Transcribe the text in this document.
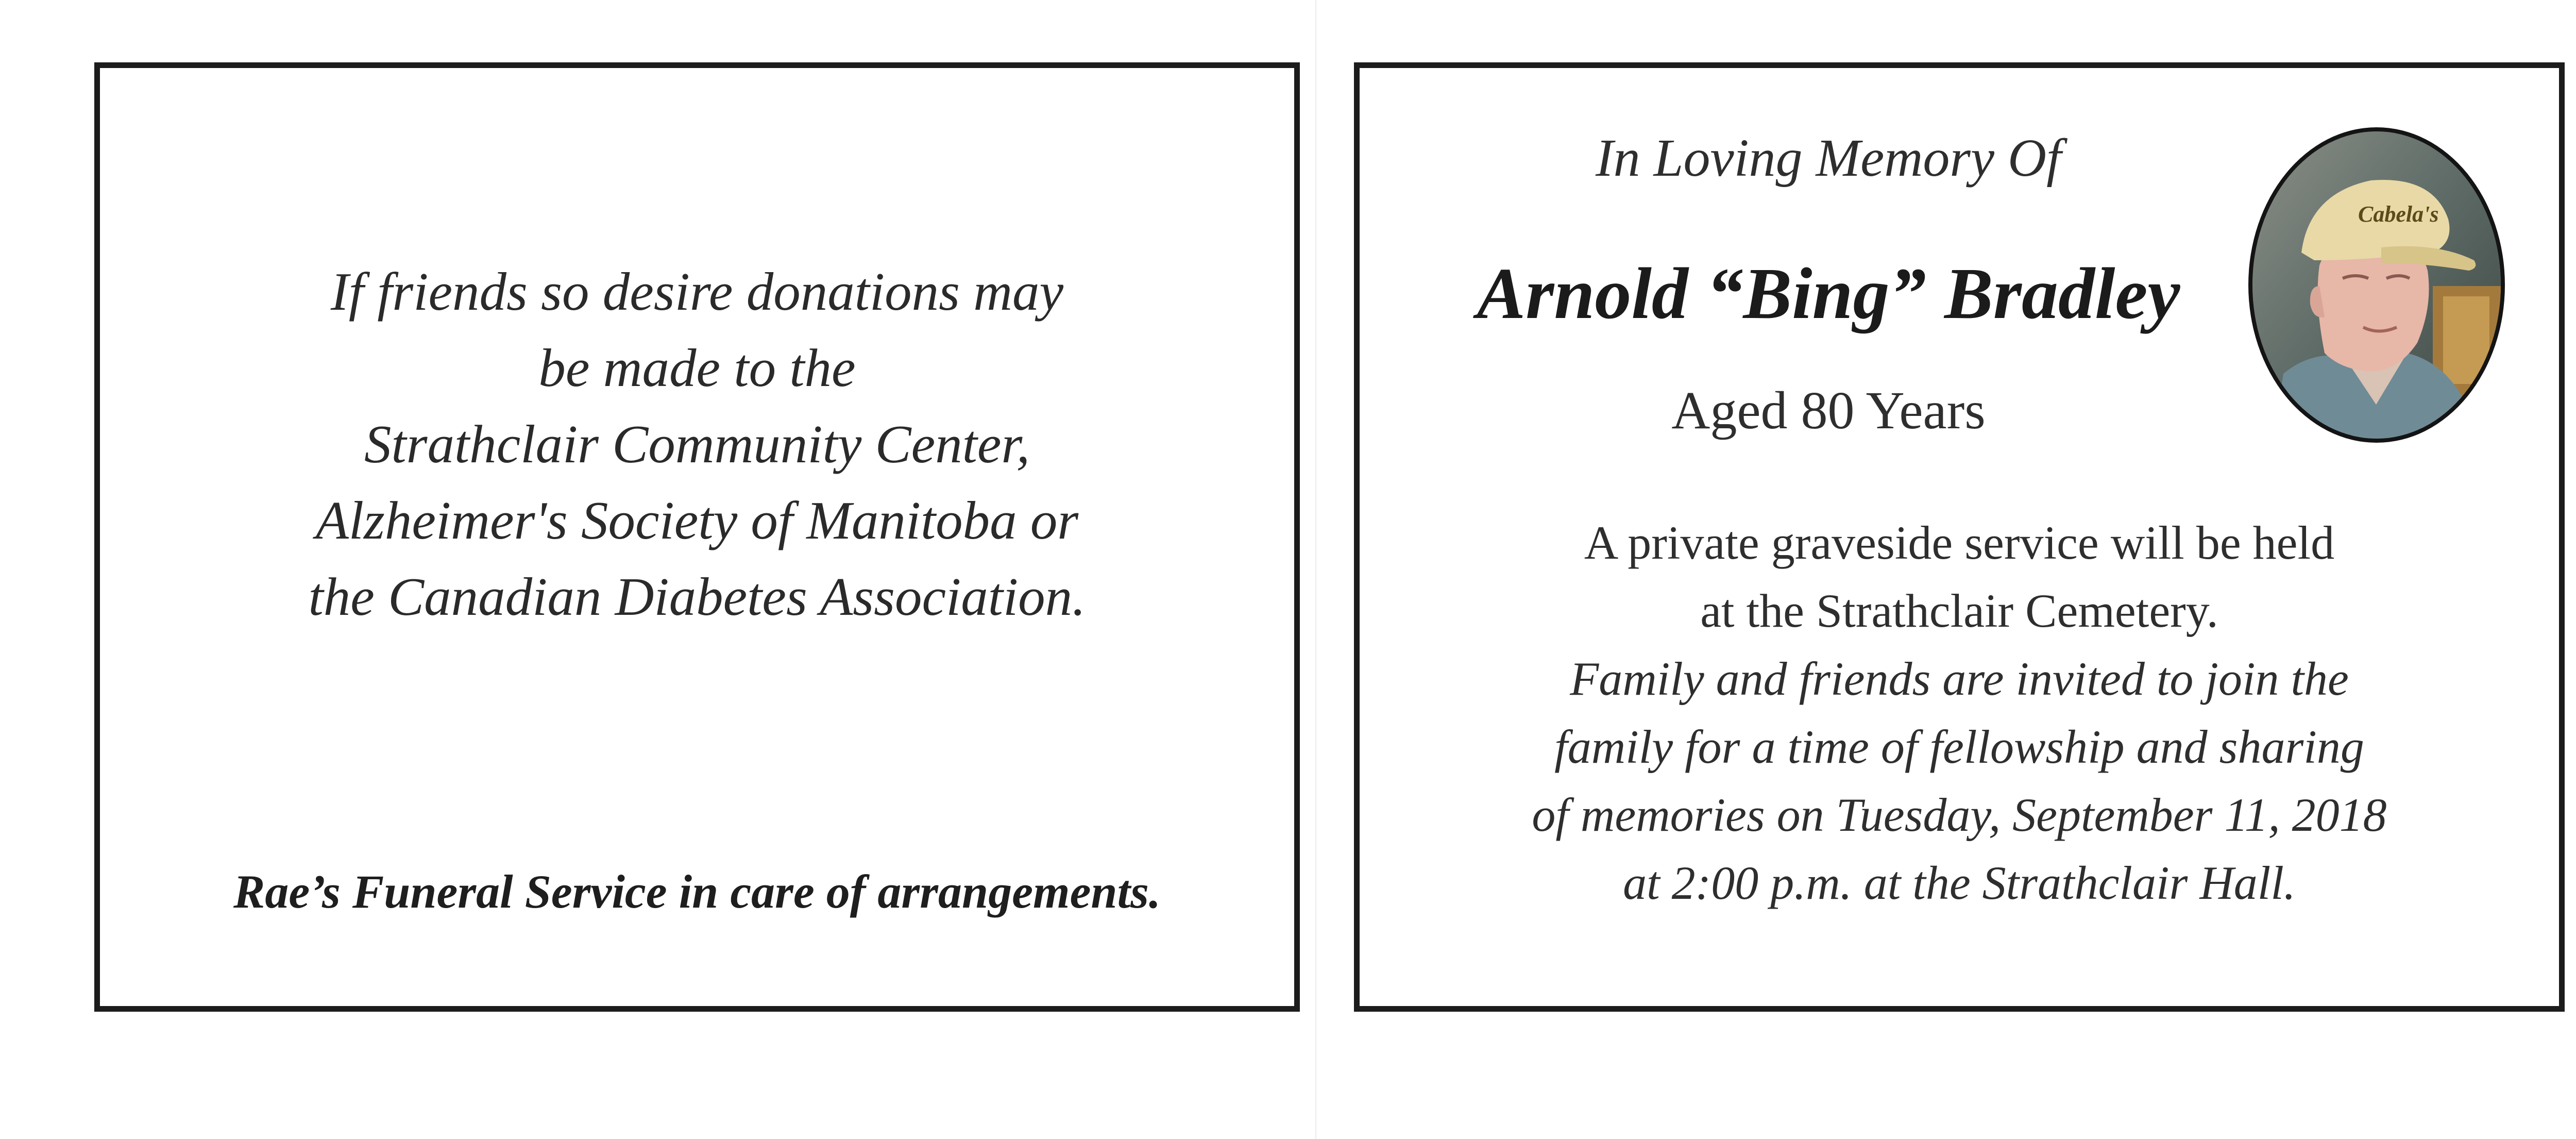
If friends so desire donations may
be made to the
Strathclair Community Center,
Alzheimer's Society of Manitoba or
the Canadian Diabetes Association.
Rae’s Funeral Service in care of arrangements.
In Loving Memory Of
Arnold “Bing” Bradley
Aged 80 Years
Cabela's
A private graveside service will be held
at the Strathclair Cemetery.
Family and friends are invited to join the
family for a time of fellowship and sharing
of memories on Tuesday, September 11, 2018
at 2:00 p.m. at the Strathclair Hall.
